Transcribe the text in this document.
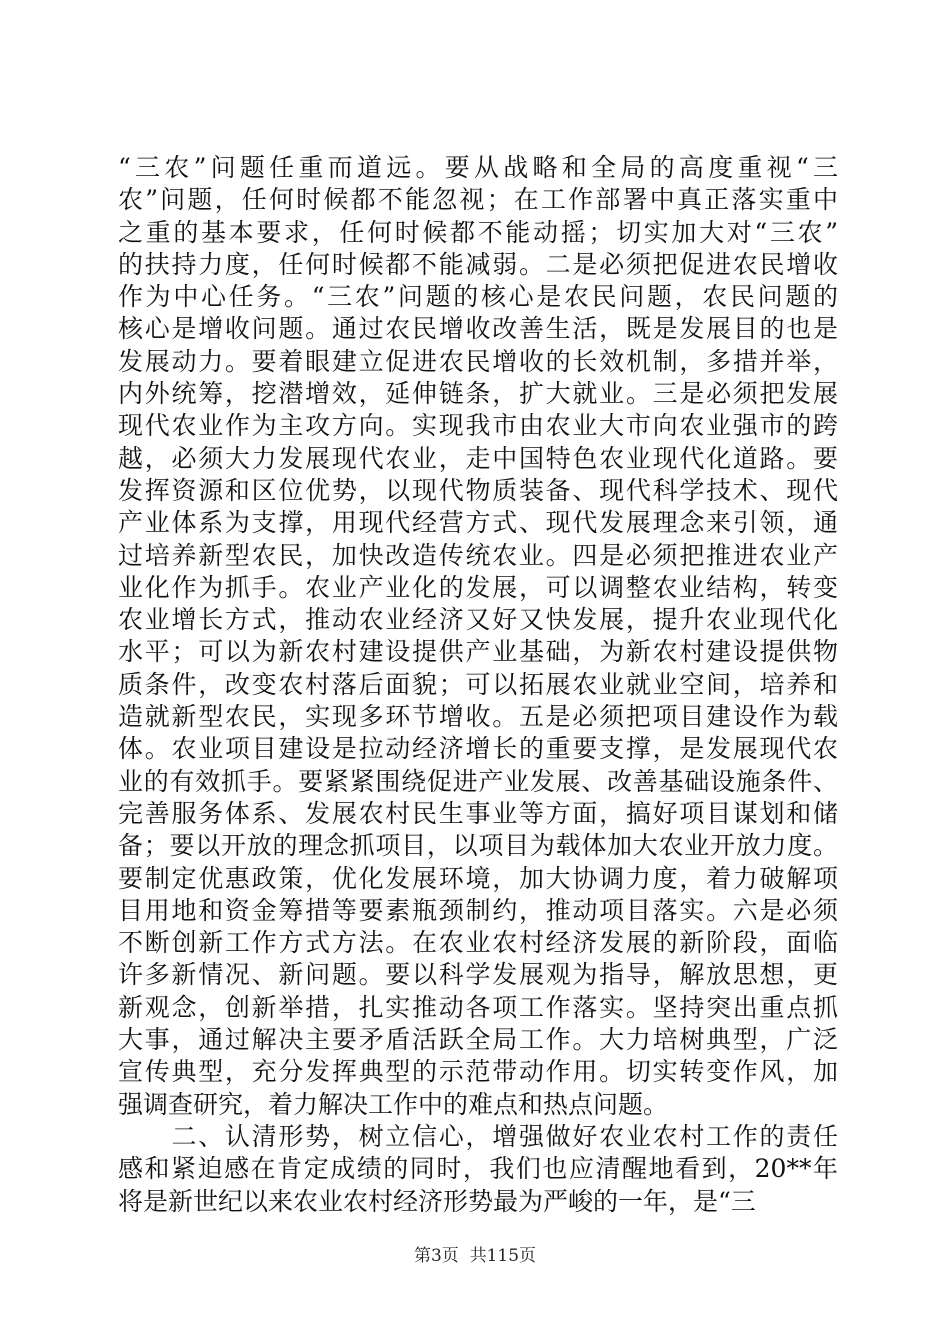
“三农”问题任重而道远。要从战略和全局的高度重视“三
农”问题，任何时候都不能忽视；在工作部署中真正落实重中
之重的基本要求，任何时候都不能动摇；切实加大对“三农”
的扶持力度，任何时候都不能减弱。二是必须把促进农民增收
作为中心任务。“三农”问题的核心是农民问题，农民问题的
核心是增收问题。通过农民增收改善生活，既是发展目的也是
发展动力。要着眼建立促进农民增收的长效机制，多措并举，
内外统筹，挖潜增效，延伸链条，扩大就业。三是必须把发展
现代农业作为主攻方向。实现我市由农业大市向农业强市的跨
越，必须大力发展现代农业，走中国特色农业现代化道路。要
发挥资源和区位优势，以现代物质装备、现代科学技术、现代
产业体系为支撑，用现代经营方式、现代发展理念来引领，通
过培养新型农民，加快改造传统农业。四是必须把推进农业产
业化作为抓手。农业产业化的发展，可以调整农业结构，转变
农业增长方式，推动农业经济又好又快发展，提升农业现代化
水平；可以为新农村建设提供产业基础，为新农村建设提供物
质条件，改变农村落后面貌；可以拓展农业就业空间，培养和
造就新型农民，实现多环节增收。五是必须把项目建设作为载
体。农业项目建设是拉动经济增长的重要支撑，是发展现代农
业的有效抓手。要紧紧围绕促进产业发展、改善基础设施条件、
完善服务体系、发展农村民生事业等方面，搞好项目谋划和储
备；要以开放的理念抓项目，以项目为载体加大农业开放力度。
要制定优惠政策，优化发展环境，加大协调力度，着力破解项
目用地和资金筹措等要素瓶颈制约，推动项目落实。六是必须
不断创新工作方式方法。在农业农村经济发展的新阶段，面临
许多新情况、新问题。要以科学发展观为指导，解放思想，更
新观念，创新举措，扎实推动各项工作落实。坚持突出重点抓
大事，通过解决主要矛盾活跃全局工作。大力培树典型，广泛
宣传典型，充分发挥典型的示范带动作用。切实转变作风，加
强调查研究，着力解决工作中的难点和热点问题。
　　二、认清形势，树立信心，增强做好农业农村工作的责任
感和紧迫感在肯定成绩的同时，我们也应清醒地看到，20**年
将是新世纪以来农业农村经济形势最为严峻的一年，是“三
第3页  共115页
